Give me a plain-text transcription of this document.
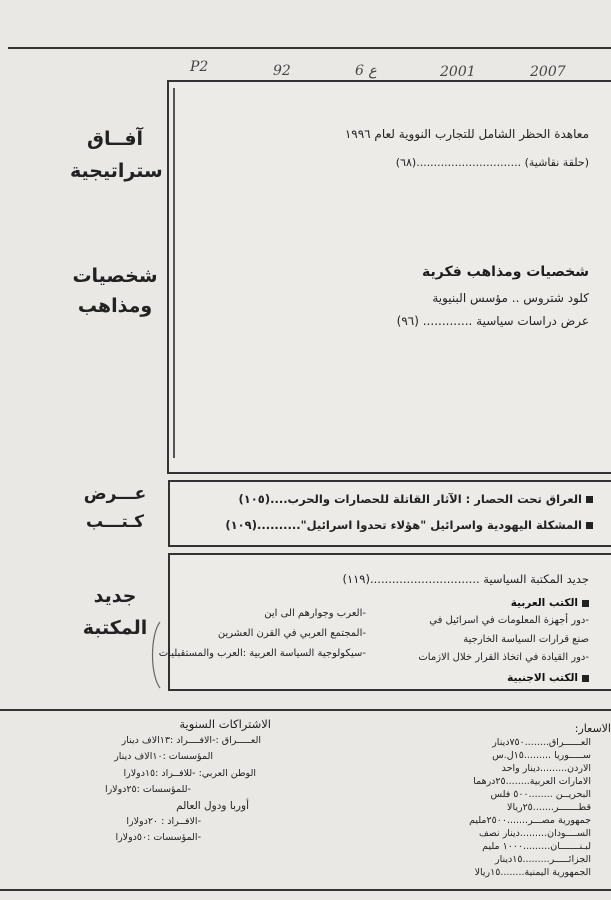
P2	92	6 ع	2001	2007
آفــاق
ستراتيجية
معاهدة الحظر الشامل للتجارب النووية لعام ١٩٩٦
(حلقة نقاشية) ..............................(٦٨)
شخصيات
ومذاهب
شخصيات ومذاهب فكرية
كلود شتروس .. مؤسس البنيوية
عرض دراسات سياسية ............. (٩٦)
عـــرض
كـتـــب
العراق تحت الحصار : الآثار القاتلة للحصارات والحرب....(١٠٥)
المشكلة اليهودية واسرائيل "هؤلاء تحدوا اسرائيل"..........(١٠٩)
جديد
المكتبة
جديد المكتبة السياسية ..............................(١١٩)
الكتب العربية
-دور أجهزة المعلومات في اسرائيل في
صنع قرارات السياسة الخارجية
-دور القيادة في اتخاذ القرار خلال الازمات
-العرب وجوارهم الى اين
-المجتمع العربي في القرن العشرين
-سيكولوجية السياسة العربية :العرب والمستقبليات
الكتب الاجنبية
الاشتراكات السنوية
العـــــراق :-الافــــراد :١٣الاف دينار
المؤسسات :١٠الاف دينار
الوطن العربي: -للافــراد :١٥دولارا
-للمؤسسات :٢٥دولارا
أوربا ودول العالم
-الافــراد : ٢٠دولارا
-المؤسسات :٥٠دولارا
الاسعار:
العــــــراق........٧٥٠دينار
ســـــوريا .........١٥ل.س
الاردن.........دينار واحد
الامارات العربية........٢٥درهما
البحريــن ........٥٠٠ فلس
قطـــــــر.......٢٥ريالا
جمهورية مصـــر.......٢٥٠٠مليم
الســــودان.........دينار نصف
لبـنـــــــان.........١٠٠٠ مليم
الجزائـــــر.........١٥دينار
الجمهورية اليمنية........١٥ريالا
